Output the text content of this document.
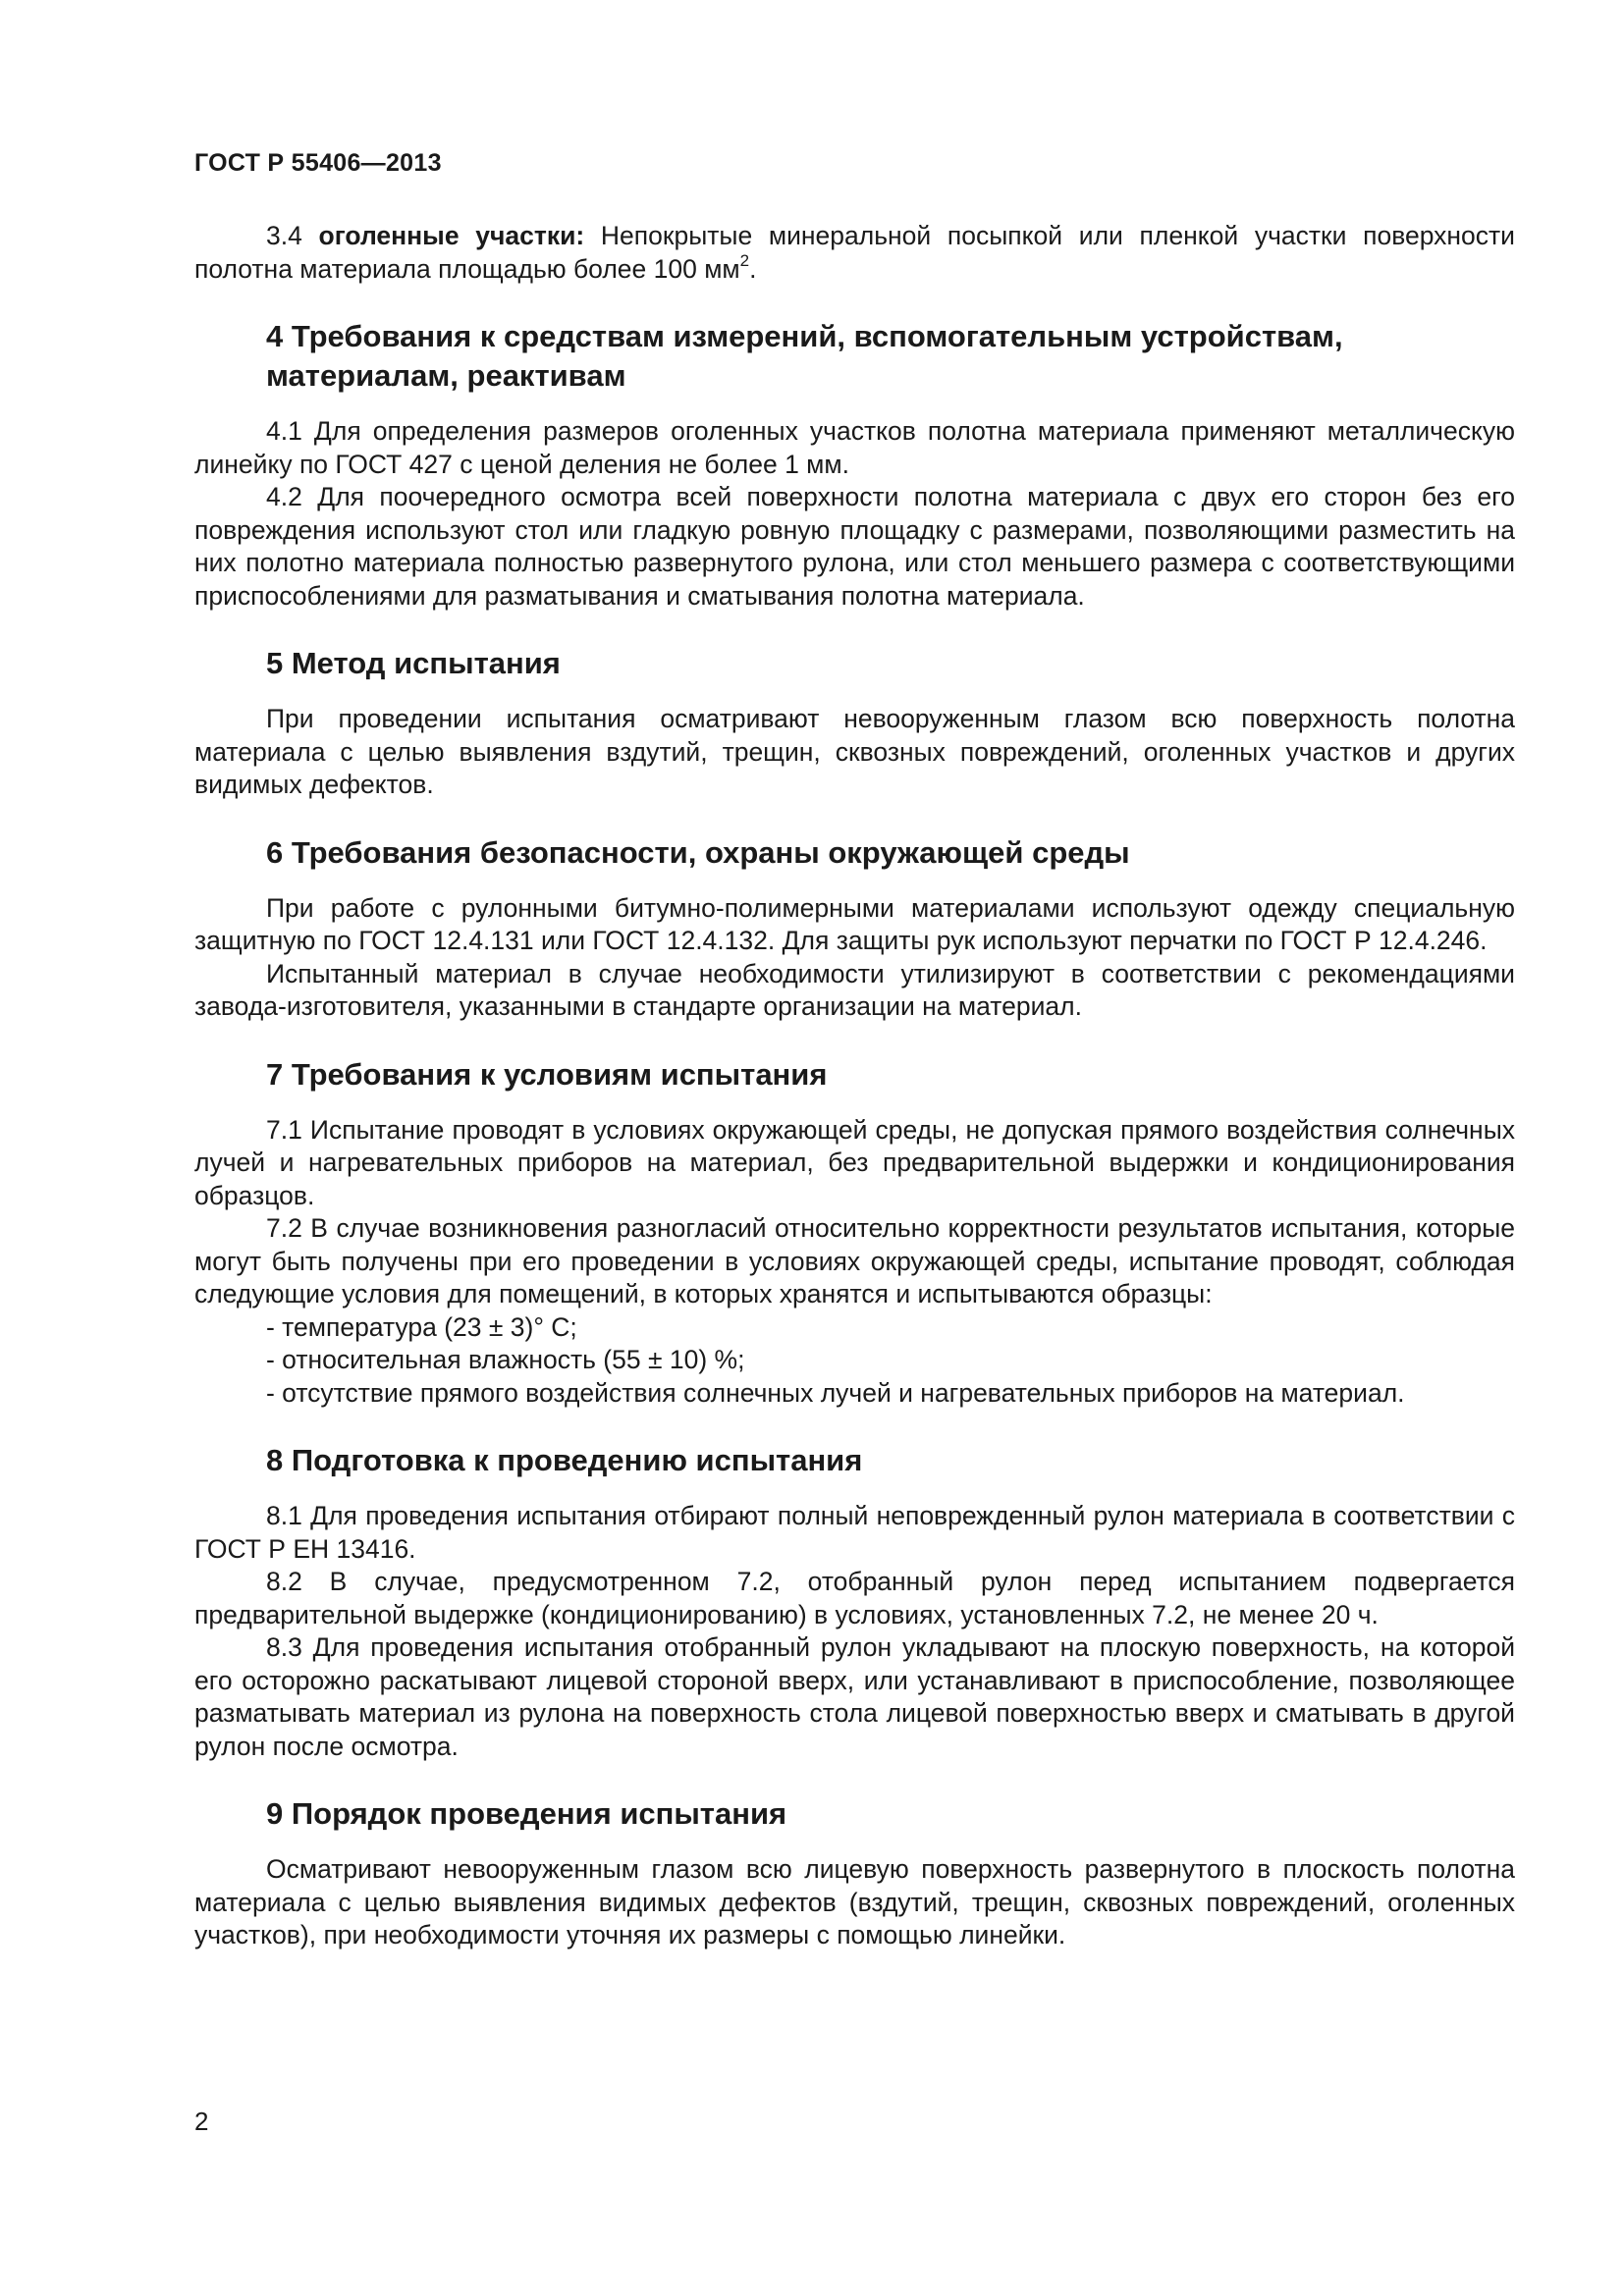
ГОСТ Р 55406—2013

3.4 оголенные участки: Непокрытые минеральной посыпкой или пленкой участки поверхности полотна материала площадью более 100 $мм^2$.

4 Требования к средствам измерений, вспомогательным устройствам,
материалам, реактивам

4.1 Для определения размеров оголенных участков полотна материала применяют металлическую линейку по ГОСТ 427 с ценой деления не более 1 мм.

4.2 Для поочередного осмотра всей поверхности полотна материала с двух его сторон без его повреждения используют стол или гладкую ровную площадку с размерами, позволяющими разместить на них полотно материала полностью развернутого рулона, или стол меньшего размера с соответствующими приспособлениями для разматывания и сматывания полотна материала.

5 Метод испытания

При проведении испытания осматривают невооруженным глазом всю поверхность полотна материала с целью выявления вздутий, трещин, сквозных повреждений, оголенных участков и других видимых дефектов.

6 Требования безопасности, охраны окружающей среды

При работе с рулонными битумно-полимерными материалами используют одежду специальную защитную по ГОСТ 12.4.131 или ГОСТ 12.4.132. Для защиты рук используют перчатки по ГОСТ Р 12.4.246.

Испытанный материал в случае необходимости утилизируют в соответствии с рекомендациями завода-изготовителя, указанными в стандарте организации на материал.

7 Требования к условиям испытания

7.1 Испытание проводят в условиях окружающей среды, не допуская прямого воздействия солнечных лучей и нагревательных приборов на материал, без предварительной выдержки и кондиционирования образцов.

7.2 В случае возникновения разногласий относительно корректности результатов испытания, которые могут быть получены при его проведении в условиях окружающей среды, испытание проводят, соблюдая следующие условия для помещений, в которых хранятся и испытываются образцы:

- температура (23 ± 3)° С;

- относительная влажность (55 ± 10) %;

- отсутствие прямого воздействия солнечных лучей и нагревательных приборов на материал.

8 Подготовка к проведению испытания

8.1 Для проведения испытания отбирают полный неповрежденный рулон материала в соответствии с ГОСТ Р ЕН 13416.

8.2 В случае, предусмотренном 7.2, отобранный рулон перед испытанием подвергается предварительной выдержке (кондиционированию) в условиях, установленных 7.2, не менее 20 ч.

8.3 Для проведения испытания отобранный рулон укладывают на плоскую поверхность, на которой его осторожно раскатывают лицевой стороной вверх, или устанавливают в приспособление, позволяющее разматывать материал из рулона на поверхность стола лицевой поверхностью вверх и сматывать в другой рулон после осмотра.

9 Порядок проведения испытания

Осматривают невооруженным глазом всю лицевую поверхность развернутого в плоскость полотна материала с целью выявления видимых дефектов (вздутий, трещин, сквозных повреждений, оголенных участков), при необходимости уточняя их размеры с помощью линейки.

2
